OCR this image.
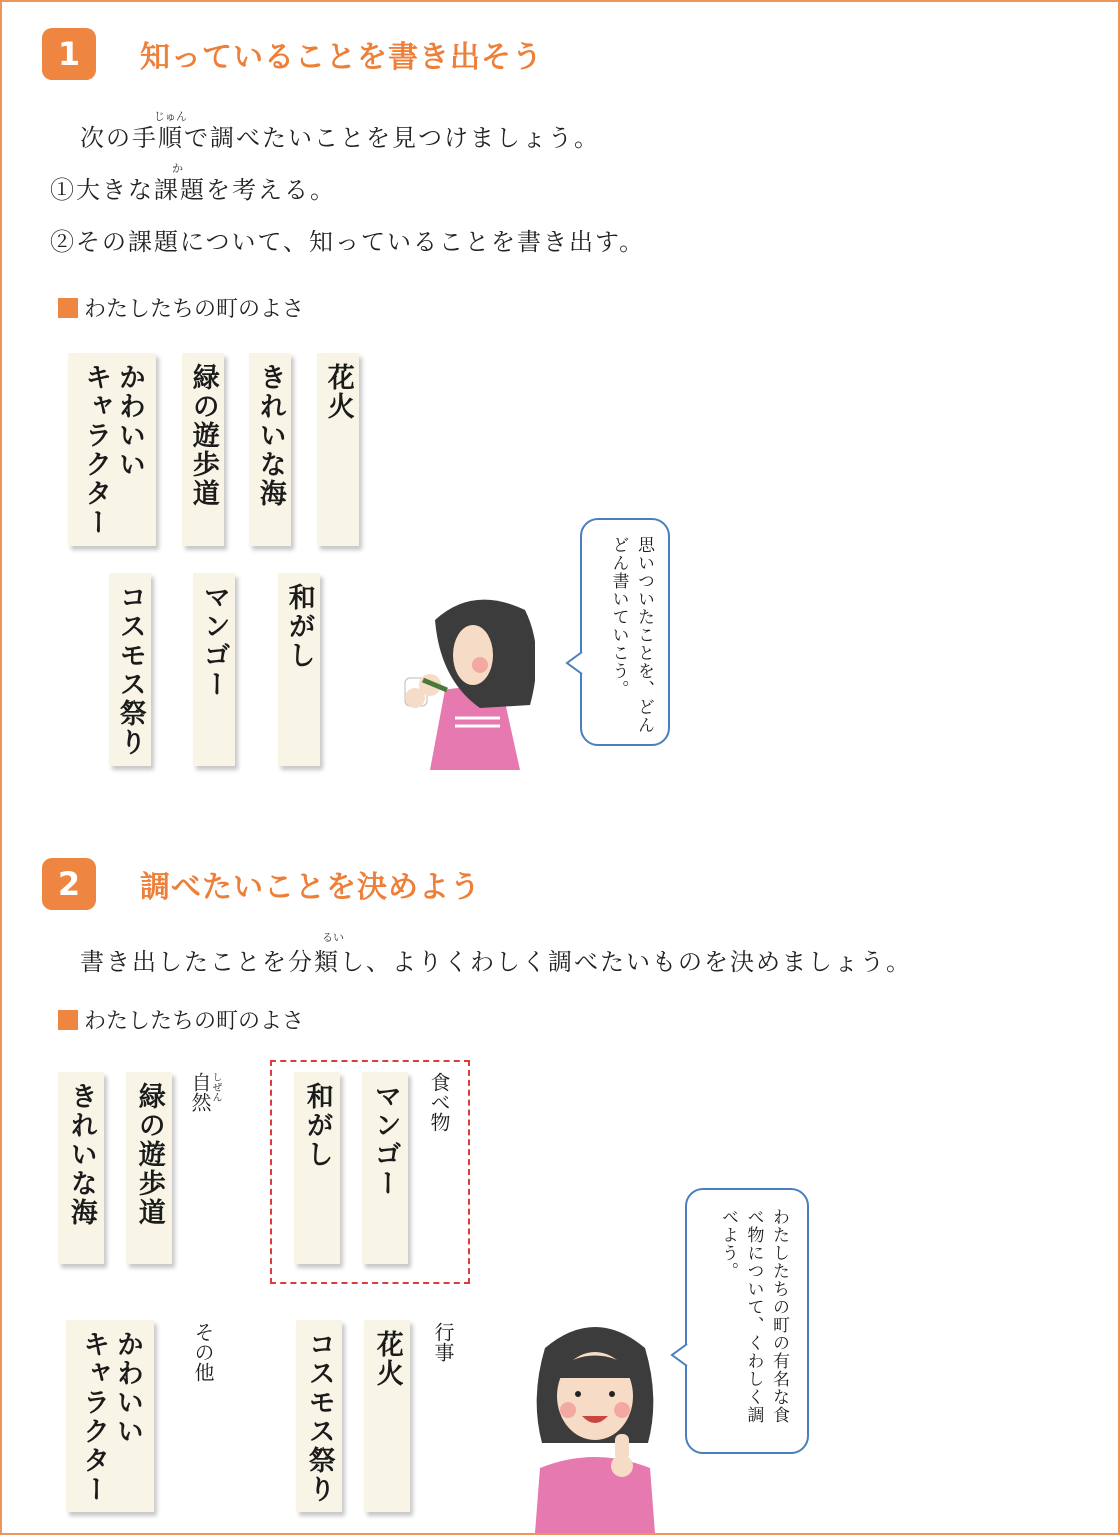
1	知っていることを書き出そう
じゅん
次の手順で調べたいことを見つけましょう。
か
①大きな課題を考える。
②その課題について、知っていることを書き出す。
わたしたちの町のよさ
かわいい
キャラクター	緑の遊歩道 きれいな海 花火
コスモス祭り マンゴー 和がし	思いついたことを、どんどん書いていこう。
2	調べたいことを決めよう
るい
書き出したことを分類し、よりくわしく調べたいものを決めましょう。
わたしたちの町のよさ
きれいな海 緑の遊歩道 自然
しぜん	和がし マンゴー 食べ物
かわいい
キャラクター	その他	コスモス祭り 花火 行事	わたしたちの町の有名な食べ物について、くわしく調べよう。
